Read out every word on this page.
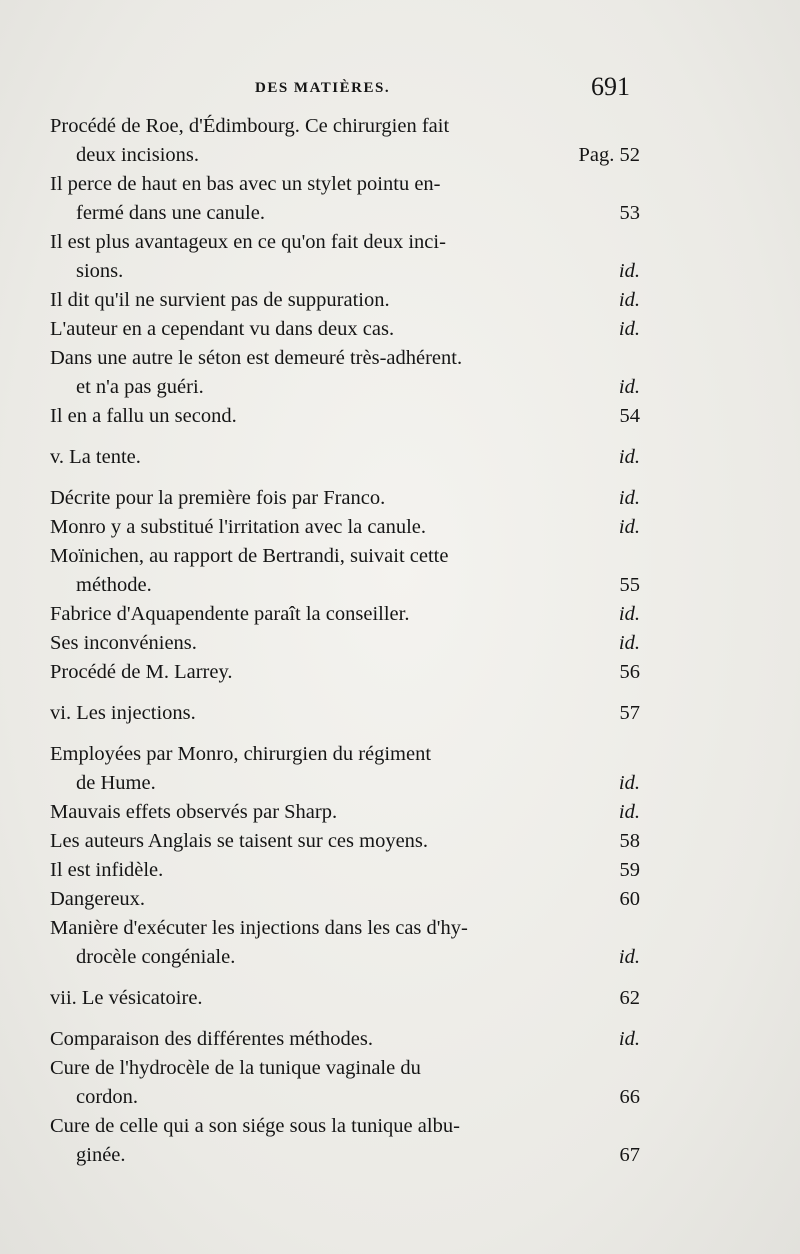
DES MATIÈRES.	691
Procédé de Roe, d'Édimbourg. Ce chirurgien fait
deux incisions.	Pag. 52
Il perce de haut en bas avec un stylet pointu en-
fermé dans une canule.	53
Il est plus avantageux en ce qu'on fait deux inci-
sions.	id.
Il dit qu'il ne survient pas de suppuration.	id.
L'auteur en a cependant vu dans deux cas.	id.
Dans une autre le séton est demeuré très-adhérent.
et n'a pas guéri.	id.
Il en a fallu un second.	54
v. La tente.	id.
Décrite pour la première fois par Franco.	id.
Monro y a substitué l'irritation avec la canule.	id.
Moïnichen, au rapport de Bertrandi, suivait cette
méthode.	55
Fabrice d'Aquapendente paraît la conseiller.	id.
Ses inconvéniens.	id.
Procédé de M. Larrey.	56
vi. Les injections.	57
Employées par Monro, chirurgien du régiment
de Hume.	id.
Mauvais effets observés par Sharp.	id.
Les auteurs Anglais se taisent sur ces moyens.	58
Il est infidèle.	59
Dangereux.	60
Manière d'exécuter les injections dans les cas d'hy-
drocèle congéniale.	id.
vii. Le vésicatoire.	62
Comparaison des différentes méthodes.	id.
Cure de l'hydrocèle de la tunique vaginale du
cordon.	66
Cure de celle qui a son siége sous la tunique albu-
ginée.	67
